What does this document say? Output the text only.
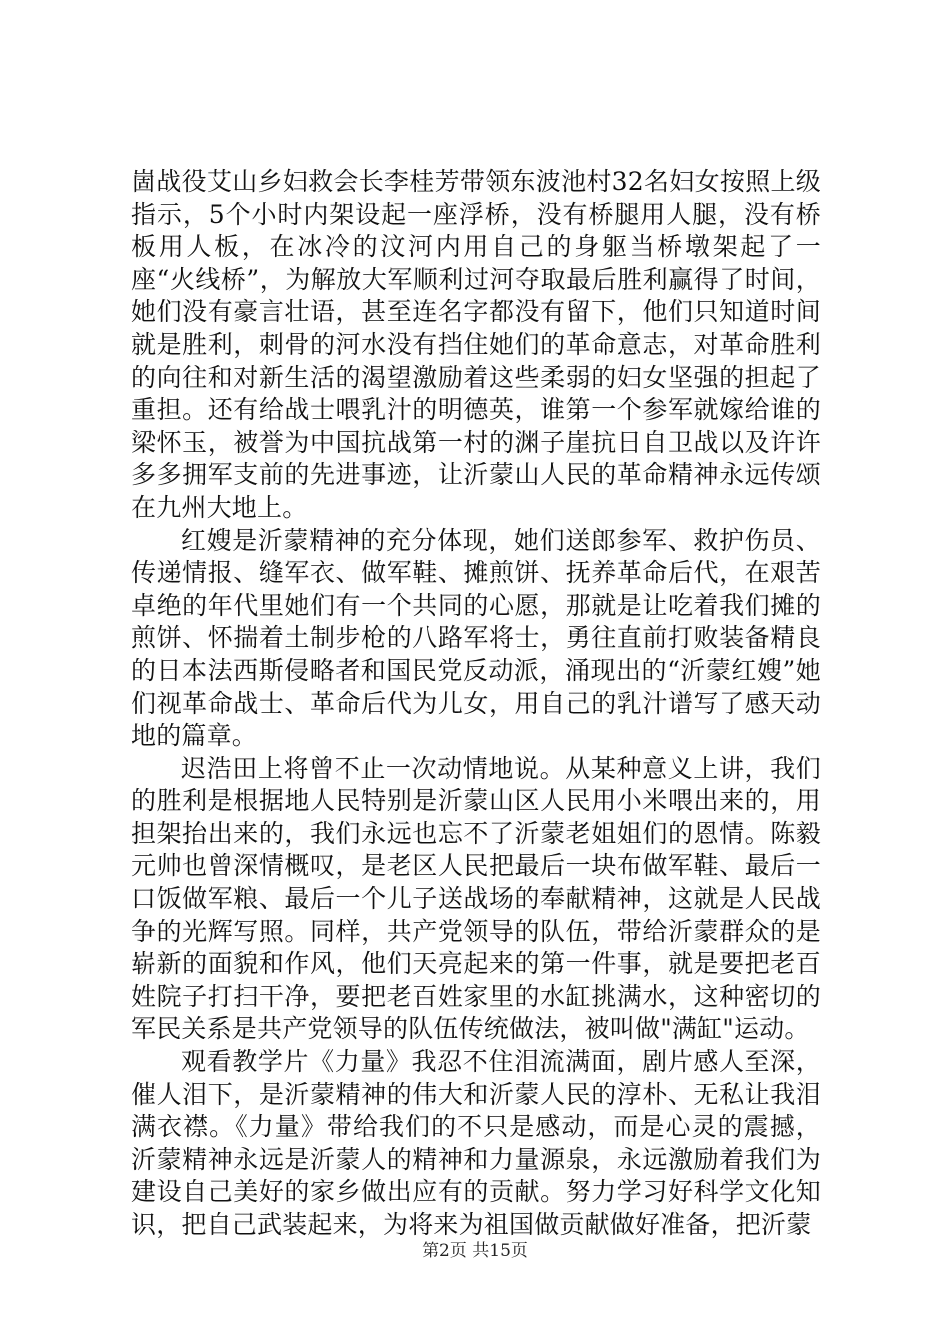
崮战役艾山乡妇救会长李桂芳带领东波池村32名妇女按照上级指示，5个小时内架设起一座浮桥，没有桥腿用人腿，没有桥板用人板，在冰冷的汶河内用自己的身躯当桥墩架起了一座“火线桥”，为解放大军顺利过河夺取最后胜利赢得了时间，她们没有豪言壮语，甚至连名字都没有留下，他们只知道时间就是胜利，刺骨的河水没有挡住她们的革命意志，对革命胜利的向往和对新生活的渴望激励着这些柔弱的妇女坚强的担起了重担。还有给战士喂乳汁的明德英，谁第一个参军就嫁给谁的梁怀玉，被誉为中国抗战第一村的渊子崖抗日自卫战以及许许多多拥军支前的先进事迹，让沂蒙山人民的革命精神永远传颂在九州大地上。

红嫂是沂蒙精神的充分体现，她们送郎参军、救护伤员、传递情报、缝军衣、做军鞋、摊煎饼、抚养革命后代，在艰苦卓绝的年代里她们有一个共同的心愿，那就是让吃着我们摊的煎饼、怀揣着土制步枪的八路军将士，勇往直前打败装备精良的日本法西斯侵略者和国民党反动派，涌现出的“沂蒙红嫂”她们视革命战士、革命后代为儿女，用自己的乳汁谱写了感天动地的篇章。

迟浩田上将曾不止一次动情地说。从某种意义上讲，我们的胜利是根据地人民特别是沂蒙山区人民用小米喂出来的，用担架抬出来的，我们永远也忘不了沂蒙老姐姐们的恩情。陈毅元帅也曾深情概叹，是老区人民把最后一块布做军鞋、最后一口饭做军粮、最后一个儿子送战场的奉献精神，这就是人民战争的光辉写照。同样，共产党领导的队伍，带给沂蒙群众的是崭新的面貌和作风，他们天亮起来的第一件事，就是要把老百姓院子打扫干净，要把老百姓家里的水缸挑满水，这种密切的军民关系是共产党领导的队伍传统做法，被叫做"满缸"运动。

观看教学片《力量》我忍不住泪流满面，剧片感人至深，催人泪下，是沂蒙精神的伟大和沂蒙人民的淳朴、无私让我泪满衣襟。《力量》带给我们的不只是感动，而是心灵的震撼，沂蒙精神永远是沂蒙人的精神和力量源泉，永远激励着我们为建设自己美好的家乡做出应有的贡献。努力学习好科学文化知识，把自己武装起来，为将来为祖国做贡献做好准备，把沂蒙

第2页 共15页
